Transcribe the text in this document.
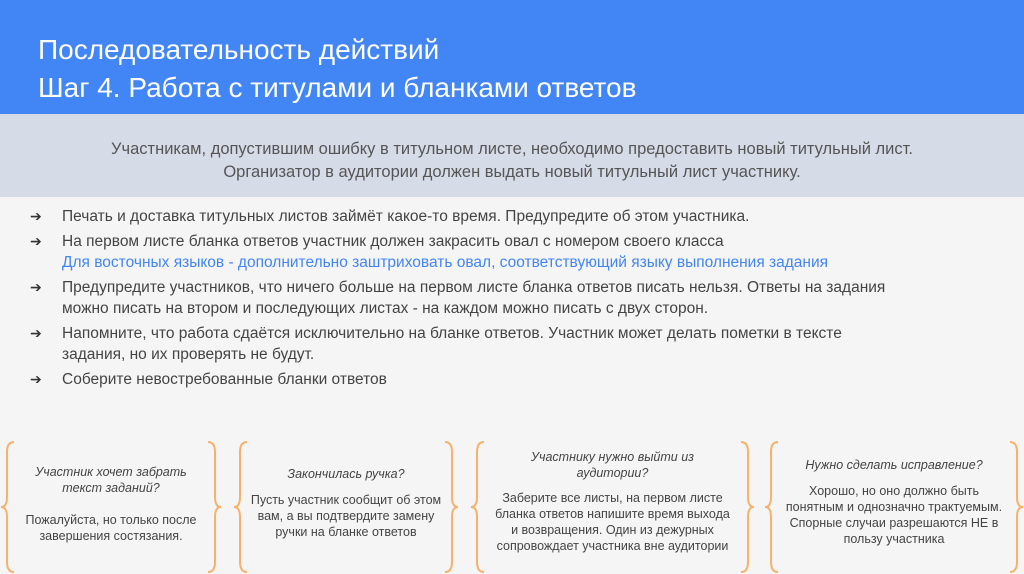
Последовательность действий
Шаг 4. Работа с титулами и бланками ответов
Участникам, допустившим ошибку в титульном листе, необходимо предоставить новый титульный лист.
Организатор в аудитории должен выдать новый титульный лист участнику.
➔ Печать и доставка титульных листов займёт какое-то время. Предупредите об этом участника.
➔ На первом листе бланка ответов участник должен закрасить овал с номером своего класса
Для восточных языков - дополнительно заштриховать овал, соответствующий языку выполнения задания
➔ Предупредите участников, что ничего больше на первом листе бланка ответов писать нельзя. Ответы на задания
можно писать на втором и последующих листах - на каждом можно писать с двух сторон.
➔ Напомните, что работа сдаётся исключительно на бланке ответов. Участник может делать пометки в тексте
задания, но их проверять не будут.
➔ Соберите невостребованные бланки ответов
Участник хочет забрать текст заданий?
Пожалуйста, но только после завершения состязания.
Закончилась ручка?
Пусть участник сообщит об этом вам, а вы подтвердите замену ручки на бланке ответов
Участнику нужно выйти из аудитории?
Заберите все листы, на первом листе бланка ответов напишите время выхода и возвращения. Один из дежурных сопровождает участника вне аудитории
Нужно сделать исправление?
Хорошо, но оно должно быть понятным и однозначно трактуемым. Спорные случаи разрешаются НЕ в пользу участника
